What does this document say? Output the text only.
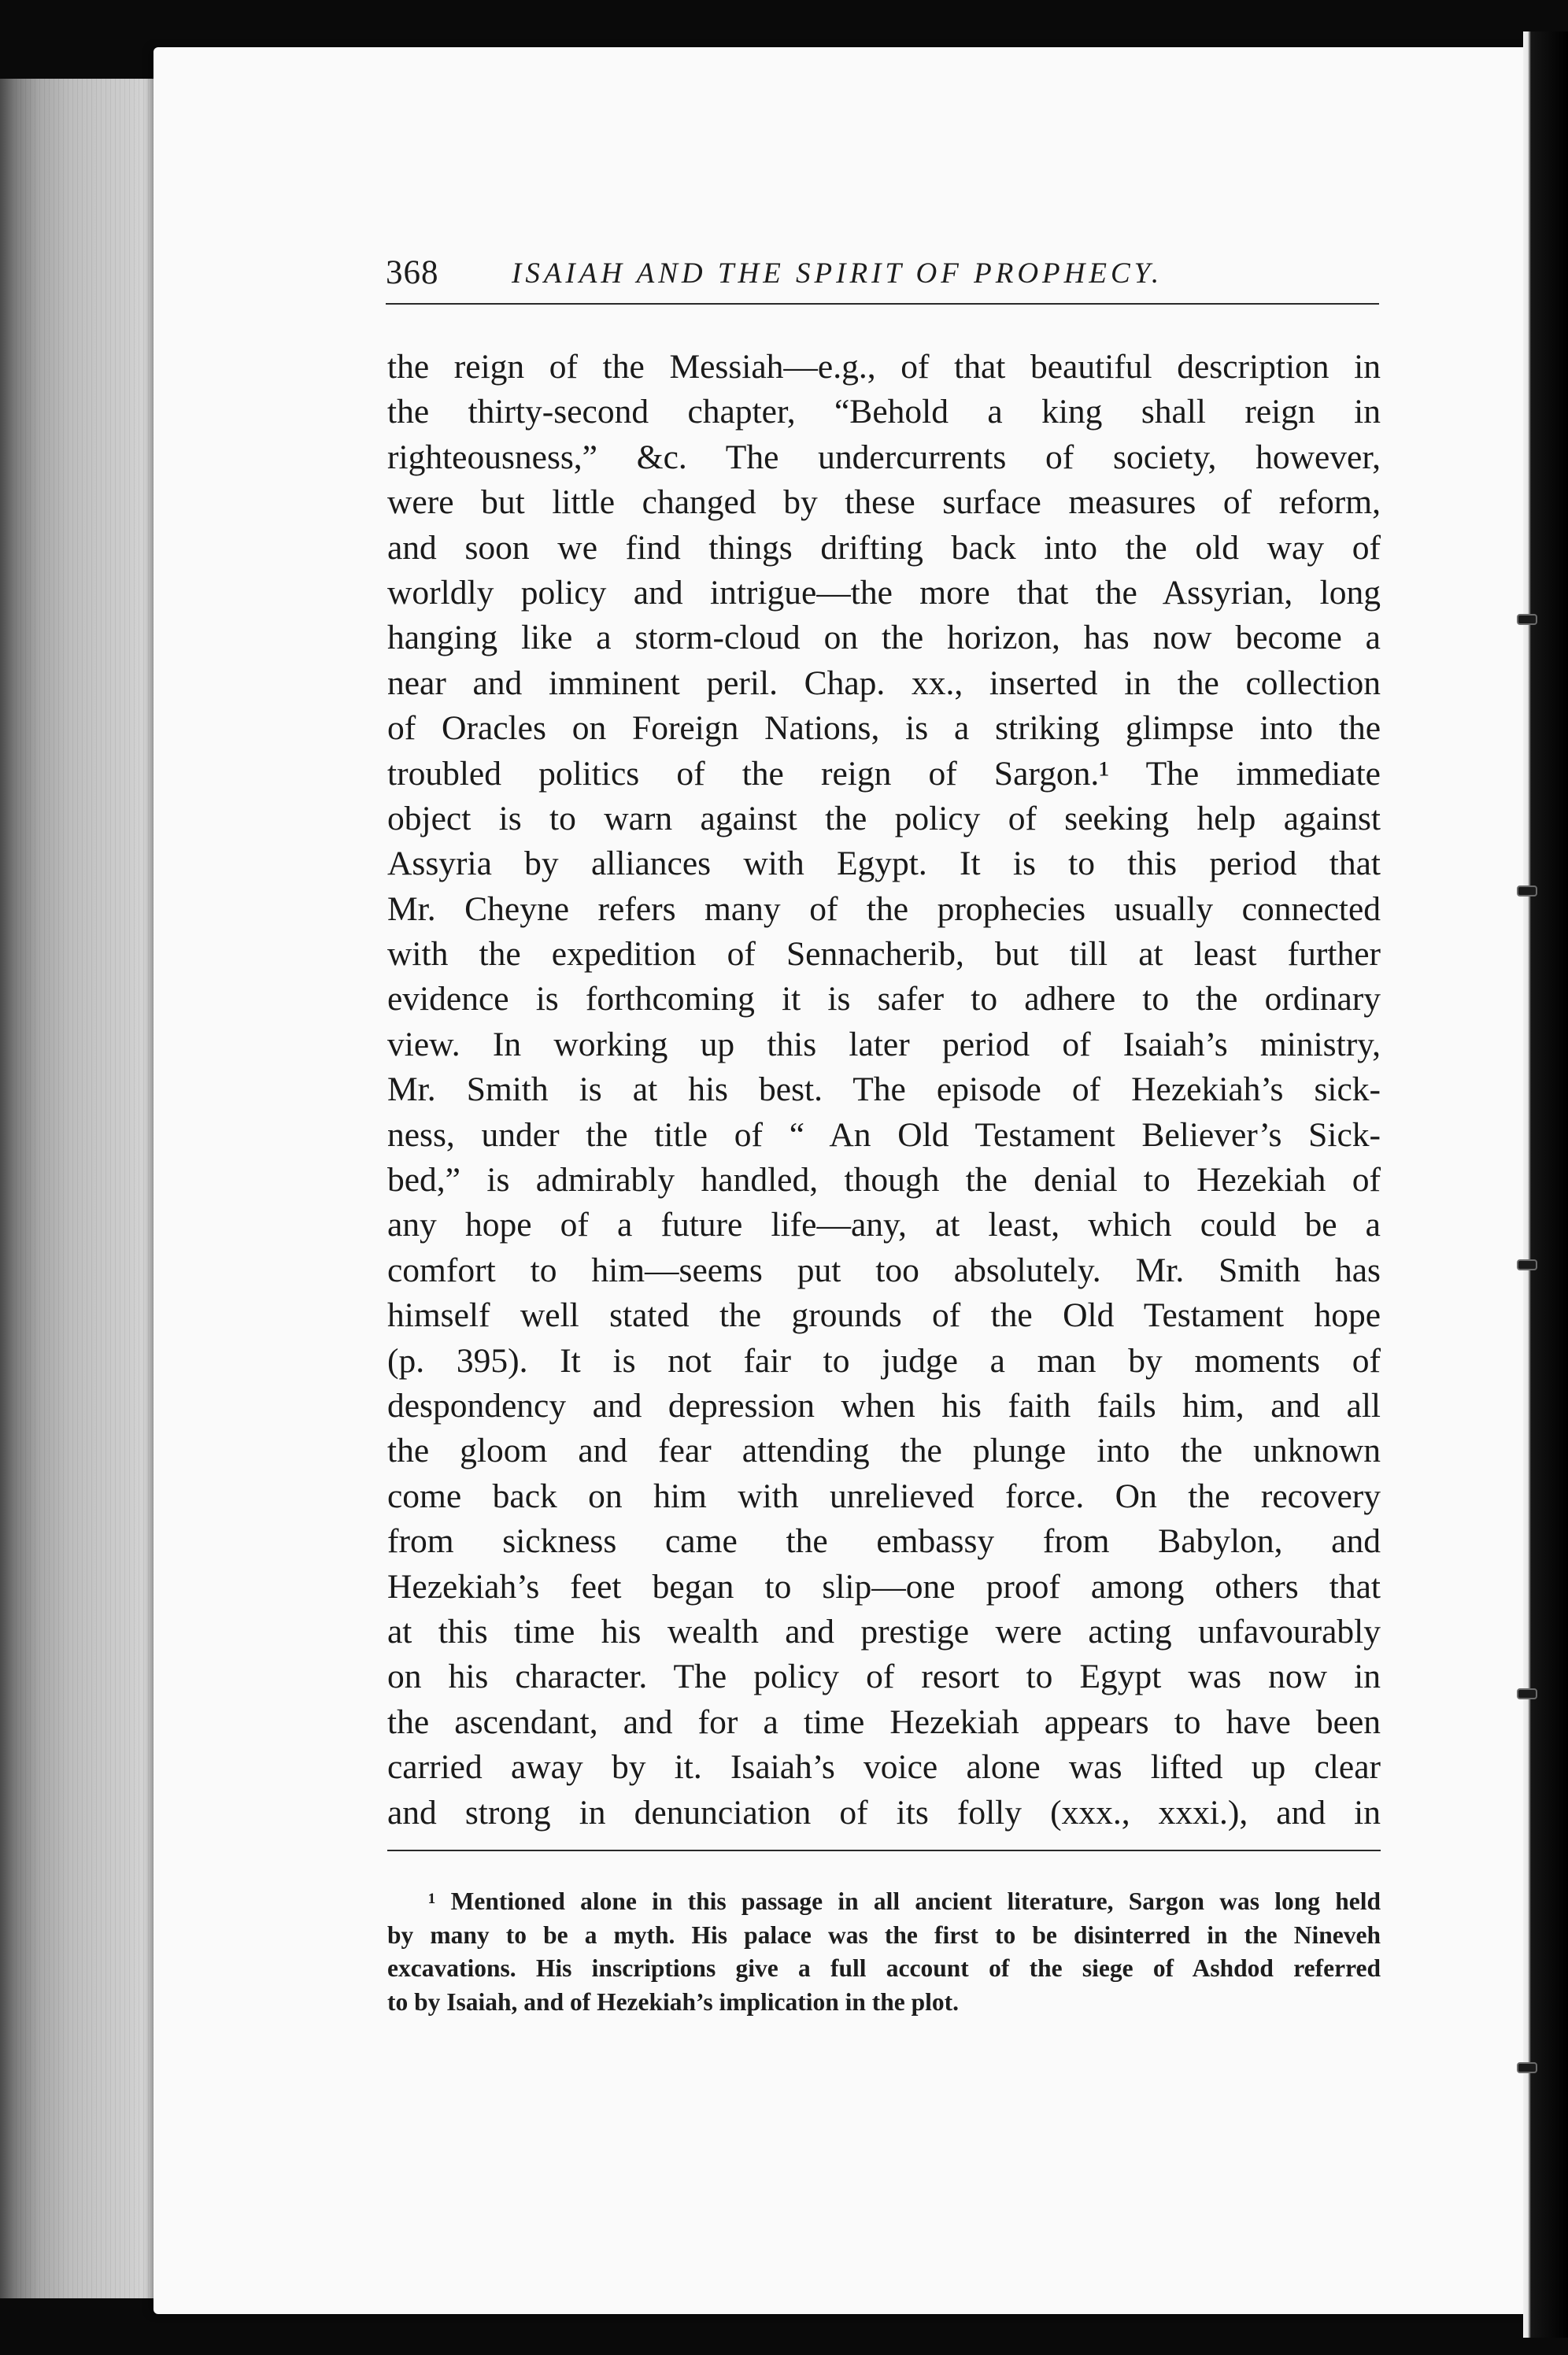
368	ISAIAH AND THE SPIRIT OF PROPHECY.
the reign of the Messiah—e.g., of that beautiful description in
the thirty-second chapter, “Behold a king shall reign in
righteousness,” &c. The undercurrents of society, however,
were but little changed by these surface measures of reform,
and soon we find things drifting back into the old way of
worldly policy and intrigue—the more that the Assyrian, long
hanging like a storm-cloud on the horizon, has now become a
near and imminent peril. Chap. xx., inserted in the collection
of Oracles on Foreign Nations, is a striking glimpse into the
troubled politics of the reign of Sargon.¹ The immediate
object is to warn against the policy of seeking help against
Assyria by alliances with Egypt. It is to this period that
Mr. Cheyne refers many of the prophecies usually connected
with the expedition of Sennacherib, but till at least further
evidence is forthcoming it is safer to adhere to the ordinary
view. In working up this later period of Isaiah’s ministry,
Mr. Smith is at his best. The episode of Hezekiah’s sick-
ness, under the title of “ An Old Testament Believer’s Sick-
bed,” is admirably handled, though the denial to Hezekiah of
any hope of a future life—any, at least, which could be a
comfort to him—seems put too absolutely. Mr. Smith has
himself well stated the grounds of the Old Testament hope
(p. 395). It is not fair to judge a man by moments of
despondency and depression when his faith fails him, and all
the gloom and fear attending the plunge into the unknown
come back on him with unrelieved force. On the recovery
from sickness came the embassy from Babylon, and
Hezekiah’s feet began to slip—one proof among others that
at this time his wealth and prestige were acting unfavourably
on his character. The policy of resort to Egypt was now in
the ascendant, and for a time Hezekiah appears to have been
carried away by it. Isaiah’s voice alone was lifted up clear
and strong in denunciation of its folly (xxx., xxxi.), and in
¹ Mentioned alone in this passage in all ancient literature, Sargon was long held
by many to be a myth. His palace was the first to be disinterred in the Nineveh
excavations. His inscriptions give a full account of the siege of Ashdod referred
to by Isaiah, and of Hezekiah’s implication in the plot.
